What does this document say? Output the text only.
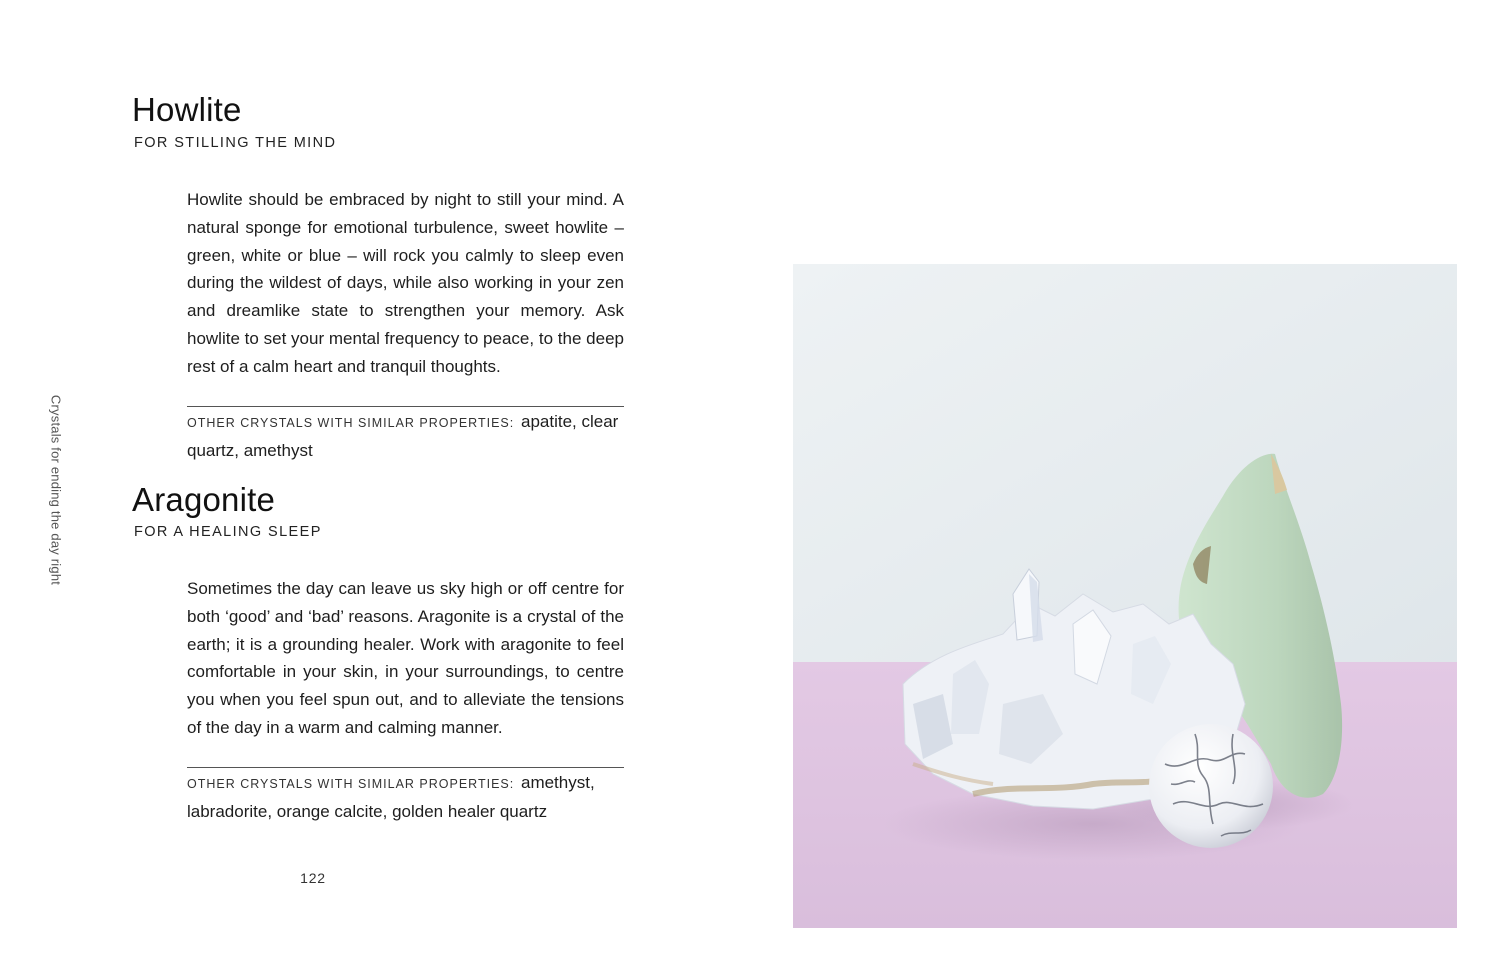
Crystals for ending the day right
Howlite
FOR STILLING THE MIND

Howlite should be embraced by night to still your mind. A natural sponge for emotional turbulence, sweet howlite – green, white or blue – will rock you calmly to sleep even during the wildest of days, while also working in your zen and dreamlike state to strengthen your memory. Ask howlite to set your mental frequency to peace, to the deep rest of a calm heart and tranquil thoughts.

OTHER CRYSTALS WITH SIMILAR PROPERTIES: apatite, clear quartz, amethyst

Aragonite
FOR A HEALING SLEEP

Sometimes the day can leave us sky high or off centre for both ‘good’ and ‘bad’ reasons. Aragonite is a crystal of the earth; it is a grounding healer. Work with aragonite to feel comfortable in your skin, in your surroundings, to centre you when you feel spun out, and to alleviate the tensions of the day in a warm and calming manner.

OTHER CRYSTALS WITH SIMILAR PROPERTIES: amethyst, labradorite, orange calcite, golden healer quartz

122
